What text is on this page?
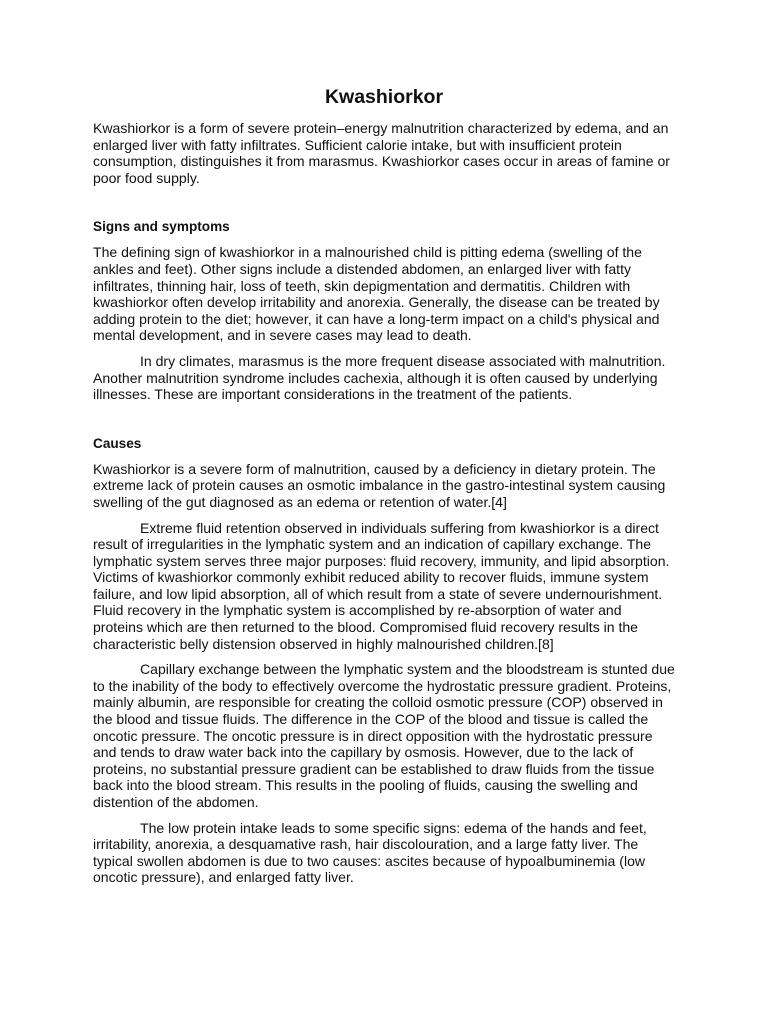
Kwashiorkor

Kwashiorkor is a form of severe protein–energy malnutrition characterized by edema, and an enlarged liver with fatty infiltrates. Sufficient calorie intake, but with insufficient protein consumption, distinguishes it from marasmus. Kwashiorkor cases occur in areas of famine or poor food supply.

Signs and symptoms

The defining sign of kwashiorkor in a malnourished child is pitting edema (swelling of the ankles and feet). Other signs include a distended abdomen, an enlarged liver with fatty infiltrates, thinning hair, loss of teeth, skin depigmentation and dermatitis. Children with kwashiorkor often develop irritability and anorexia. Generally, the disease can be treated by adding protein to the diet; however, it can have a long-term impact on a child's physical and mental development, and in severe cases may lead to death.

In dry climates, marasmus is the more frequent disease associated with malnutrition. Another malnutrition syndrome includes cachexia, although it is often caused by underlying illnesses. These are important considerations in the treatment of the patients.

Causes

Kwashiorkor is a severe form of malnutrition, caused by a deficiency in dietary protein. The extreme lack of protein causes an osmotic imbalance in the gastro-intestinal system causing swelling of the gut diagnosed as an edema or retention of water.[4]

Extreme fluid retention observed in individuals suffering from kwashiorkor is a direct result of irregularities in the lymphatic system and an indication of capillary exchange. The lymphatic system serves three major purposes: fluid recovery, immunity, and lipid absorption. Victims of kwashiorkor commonly exhibit reduced ability to recover fluids, immune system failure, and low lipid absorption, all of which result from a state of severe undernourishment. Fluid recovery in the lymphatic system is accomplished by re-absorption of water and proteins which are then returned to the blood. Compromised fluid recovery results in the characteristic belly distension observed in highly malnourished children.[8]

Capillary exchange between the lymphatic system and the bloodstream is stunted due to the inability of the body to effectively overcome the hydrostatic pressure gradient. Proteins, mainly albumin, are responsible for creating the colloid osmotic pressure (COP) observed in the blood and tissue fluids. The difference in the COP of the blood and tissue is called the oncotic pressure. The oncotic pressure is in direct opposition with the hydrostatic pressure and tends to draw water back into the capillary by osmosis. However, due to the lack of proteins, no substantial pressure gradient can be established to draw fluids from the tissue back into the blood stream. This results in the pooling of fluids, causing the swelling and distention of the abdomen.

The low protein intake leads to some specific signs: edema of the hands and feet, irritability, anorexia, a desquamative rash, hair discolouration, and a large fatty liver. The typical swollen abdomen is due to two causes: ascites because of hypoalbuminemia (low oncotic pressure), and enlarged fatty liver.
